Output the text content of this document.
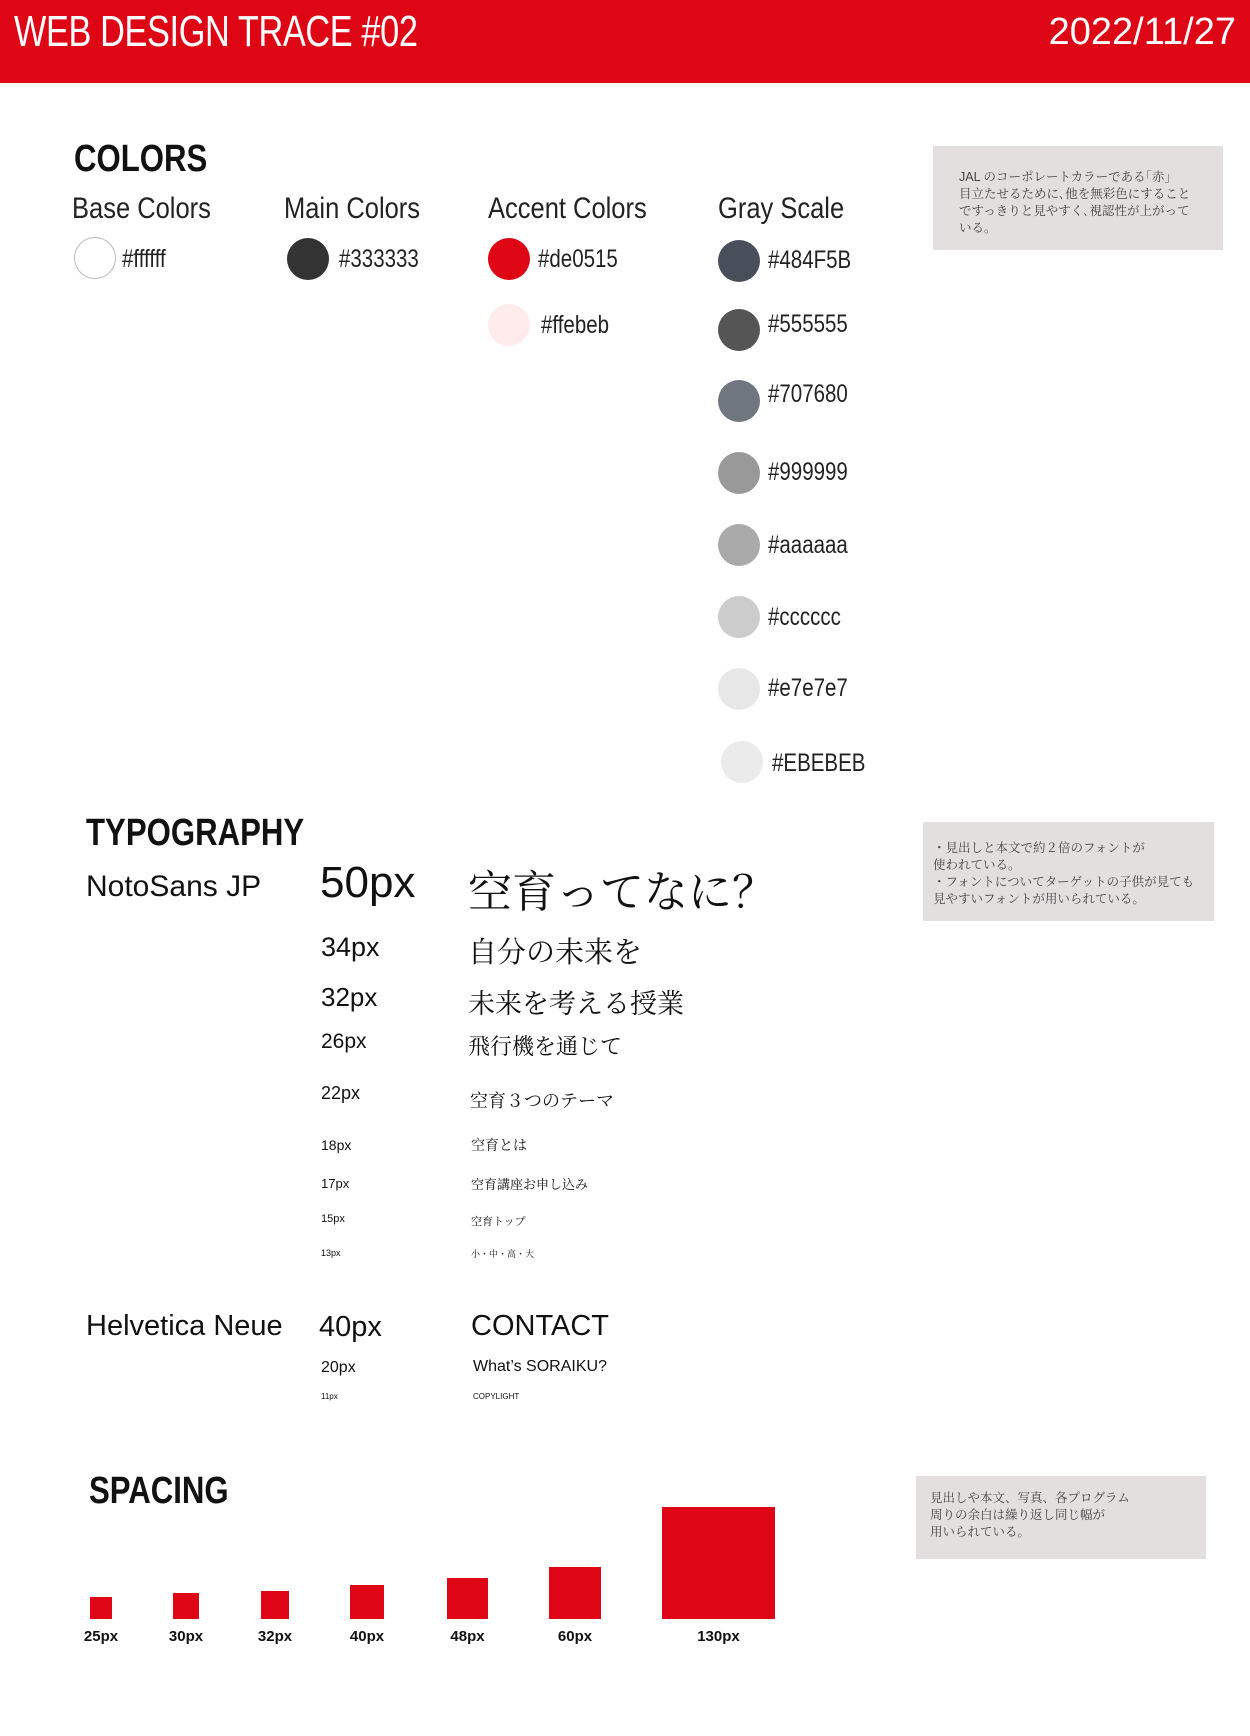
WEB DESIGN TRACE #02	2022/11/27
COLORS	JAL のコーポレートカラーである｢赤｣
目立たせるために､他を無彩色にすること
ですっきりと見やすく､視認性が上がって
いる｡
Base Colors
#ffffff
Main Colors
#333333
Accent Colors
#de0515
#ffebeb
Gray Scale
#484F5B
#555555
#707680
#999999
#aaaaaa
#cccccc
#e7e7e7
#EBEBEB
TYPOGRAPHY	・見出しと本文で約２倍のフォントが
使われている｡
・フォントについてターゲットの子供が見ても
見やすいフォントが用いられている｡
NotoSans JP 50px 空育ってなに？
34px	自分の未来を
32px	未来を考える授業
26px	飛行機を通じて
22px	空育３つのテーマ
18px	空育とは
17px	空育講座お申し込み
15px	空育トップ
13px	小・中・高・大
Helvetica Neue 40px	CONTACT
20px	What’s SORAIKU?
11px	COPYLIGHT
SPACING	見出しや本文、写真、各プログラム
周りの余白は繰り返し同じ幅が
用いられている。
25px	30px	32px	40px	48px	60px	130px
